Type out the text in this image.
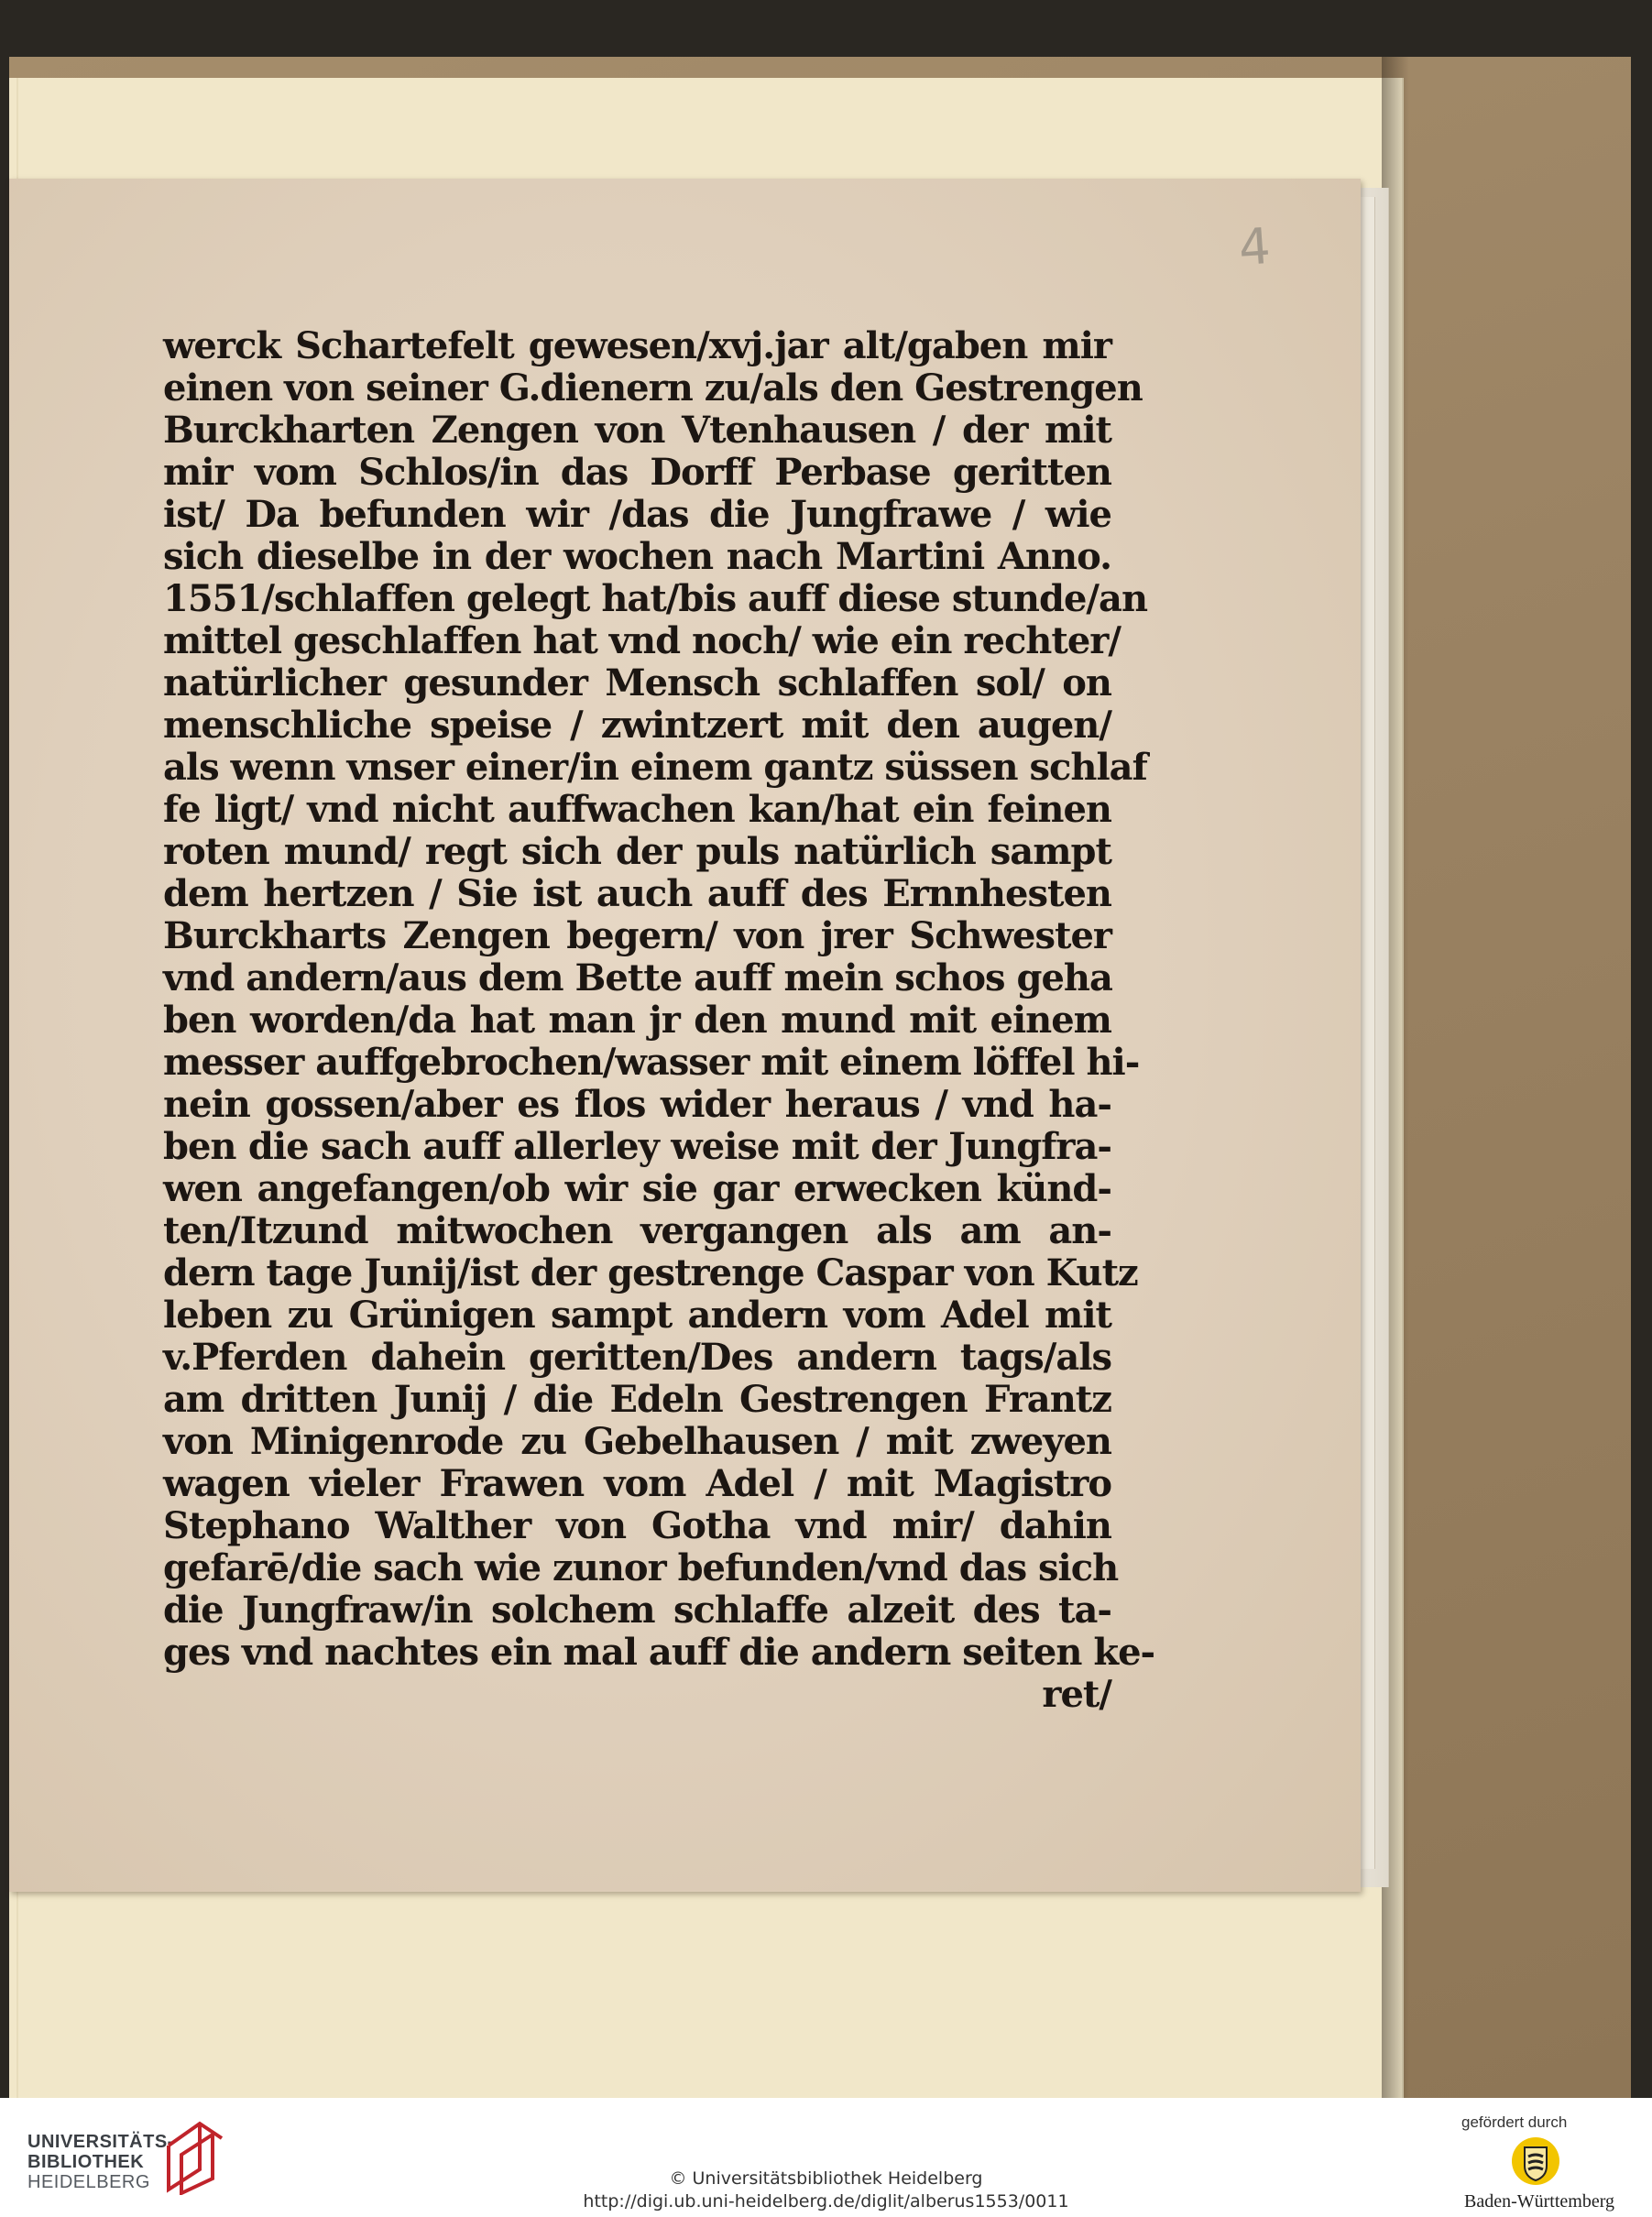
4
werck Schartefelt gewesen/xvj.jar alt/gaben mir
einen von seiner G.dienern zu/als den Gestrengen
Burckharten Zengen von Vtenhausen / der mit
mir vom Schlos/in das Dorff Perbase geritten
ist/ Da befunden wir /das die Jungfrawe / wie
sich dieselbe in der wochen nach Martini Anno.
1551/schlaffen gelegt hat/bis auff diese stunde/an
mittel geschlaffen hat vnd noch/ wie ein rechter/
natürlicher gesunder Mensch schlaffen sol/ on
menschliche speise / zwintzert mit den augen/
als wenn vnser einer/in einem gantz süssen schlaf
fe ligt/ vnd nicht auffwachen kan/hat ein feinen
roten mund/ regt sich der puls natürlich sampt
dem hertzen / Sie ist auch auff des Ernnhesten
Burckharts Zengen begern/ von jrer Schwester
vnd andern/aus dem Bette auff mein schos geha
ben worden/da hat man jr den mund mit einem
messer auffgebrochen/wasser mit einem löffel hi-
nein gossen/aber es flos wider heraus / vnd ha-
ben die sach auff allerley weise mit der Jungfra-
wen angefangen/ob wir sie gar erwecken künd-
ten/Itzund mitwochen vergangen als am an-
dern tage Junij/ist der gestrenge Caspar von Kutz
leben zu Grünigen sampt andern vom Adel mit
v.Pferden dahein geritten/Des andern tags/als
am dritten Junij / die Edeln Gestrengen Frantz
von Minigenrode zu Gebelhausen / mit zweyen
wagen vieler Frawen vom Adel / mit Magistro
Stephano Walther von Gotha vnd mir/ dahin
gefarē/die sach wie zunor befunden/vnd das sich
die Jungfraw/in solchem schlaffe alzeit des ta-
ges vnd nachtes ein mal auff die andern seiten ke-
ret/
UNIVERSITÄTS-
BIBLIOTHEK
HEIDELBERG	© Universitätsbibliothek Heidelberg
http://digi.ub.uni-heidelberg.de/diglit/alberus1553/0011
gefördert durch
Baden-Württemberg
